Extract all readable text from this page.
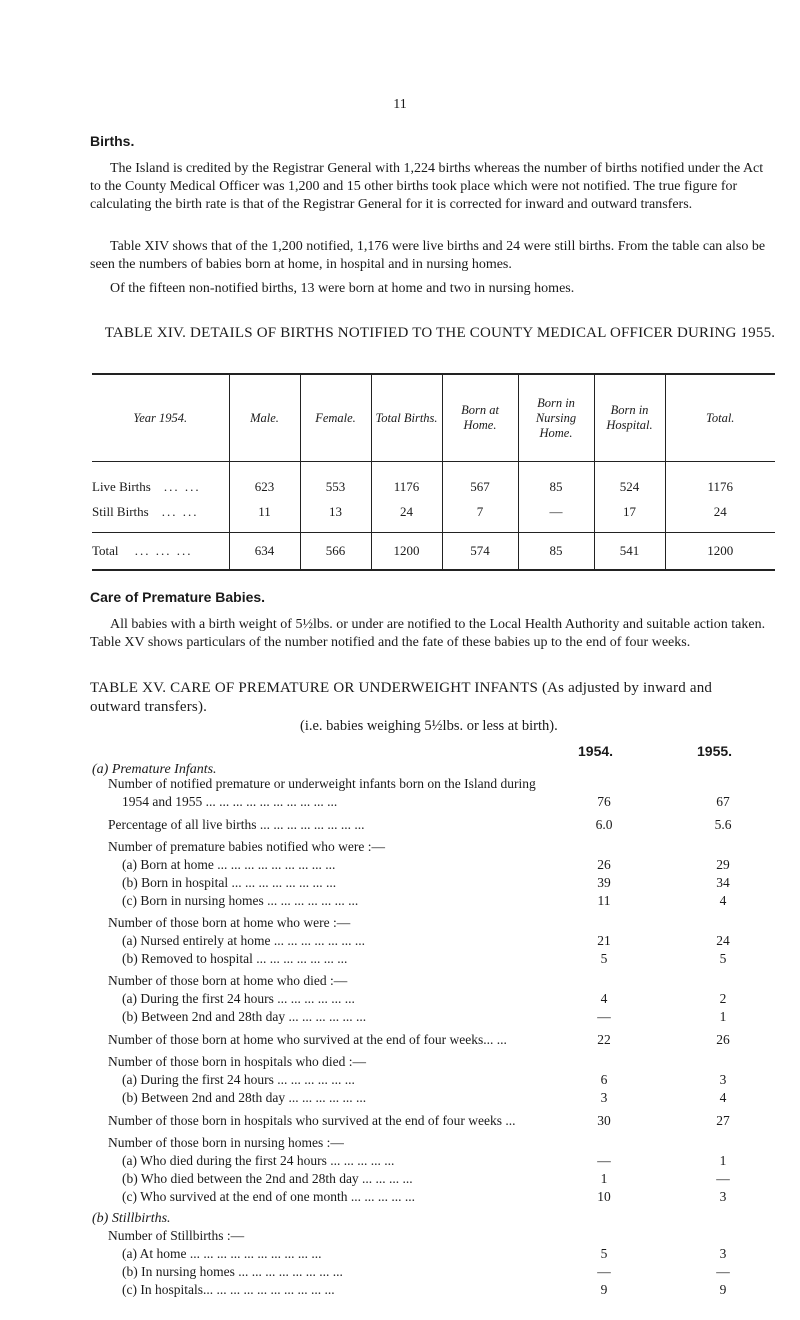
11
Births.
The Island is credited by the Registrar General with 1,224 births whereas the number of births notified under the Act to the County Medical Officer was 1,200 and 15 other births took place which were not notified. The true figure for calculating the birth rate is that of the Registrar General for it is corrected for inward and outward transfers.
Table XIV shows that of the 1,200 notified, 1,176 were live births and 24 were still births. From the table can also be seen the numbers of babies born at home, in hospital and in nursing homes.
Of the fifteen non-notified births, 13 were born at home and two in nursing homes.
TABLE XIV. DETAILS OF BIRTHS NOTIFIED TO THE COUNTY MEDICAL OFFICER DURING 1955.
Year 1954.	Male.	Female.	Total Births.	Born at Home.	Born in Nursing Home.	Born in Hospital.	Total.
Live Births ... ...	623	553	1176	567	85	524	1176
Still Births ... ...	11	13	24	7	—	17	24
Total ... ... ...	634	566	1200	574	85	541	1200
Care of Premature Babies.
All babies with a birth weight of 5½lbs. or under are notified to the Local Health Authority and suitable action taken. Table XV shows particulars of the number notified and the fate of these babies up to the end of four weeks.
TABLE XV. CARE OF PREMATURE OR UNDERWEIGHT INFANTS (As adjusted by inward and
outward transfers).
(i.e. babies weighing 5½lbs. or less at birth).
1954.	1955.
(a) Premature Infants.
Number of notified premature or underweight infants born on the Island during
1954 and 1955 ... ... ... ... ... ... ... ... ... ...	76	67
Percentage of all live births ... ... ... ... ... ... ... ...	6.0	5.6
Number of premature babies notified who were :—
(a) Born at home ... ... ... ... ... ... ... ... ...	26	29
(b) Born in hospital ... ... ... ... ... ... ... ...	39	34
(c) Born in nursing homes ... ... ... ... ... ... ...	11	4
Number of those born at home who were :—
(a) Nursed entirely at home ... ... ... ... ... ... ...	21	24
(b) Removed to hospital ... ... ... ... ... ... ...	5	5
Number of those born at home who died :—
(a) During the first 24 hours ... ... ... ... ... ...	4	2
(b) Between 2nd and 28th day ... ... ... ... ... ...	—	1
Number of those born at home who survived at the end of four weeks... ...	22	26
Number of those born in hospitals who died :—
(a) During the first 24 hours ... ... ... ... ... ...	6	3
(b) Between 2nd and 28th day ... ... ... ... ... ...	3	4
Number of those born in hospitals who survived at the end of four weeks ...	30	27
Number of those born in nursing homes :—
(a) Who died during the first 24 hours ... ... ... ... ...	—	1
(b) Who died between the 2nd and 28th day ... ... ... ...	1	—
(c) Who survived at the end of one month ... ... ... ... ...	10	3
(b) Stillbirths.
Number of Stillbirths :—
(a) At home ... ... ... ... ... ... ... ... ... ...	5	3
(b) In nursing homes ... ... ... ... ... ... ... ...	—	—
(c) In hospitals... ... ... ... ... ... ... ... ... ...	9	9
